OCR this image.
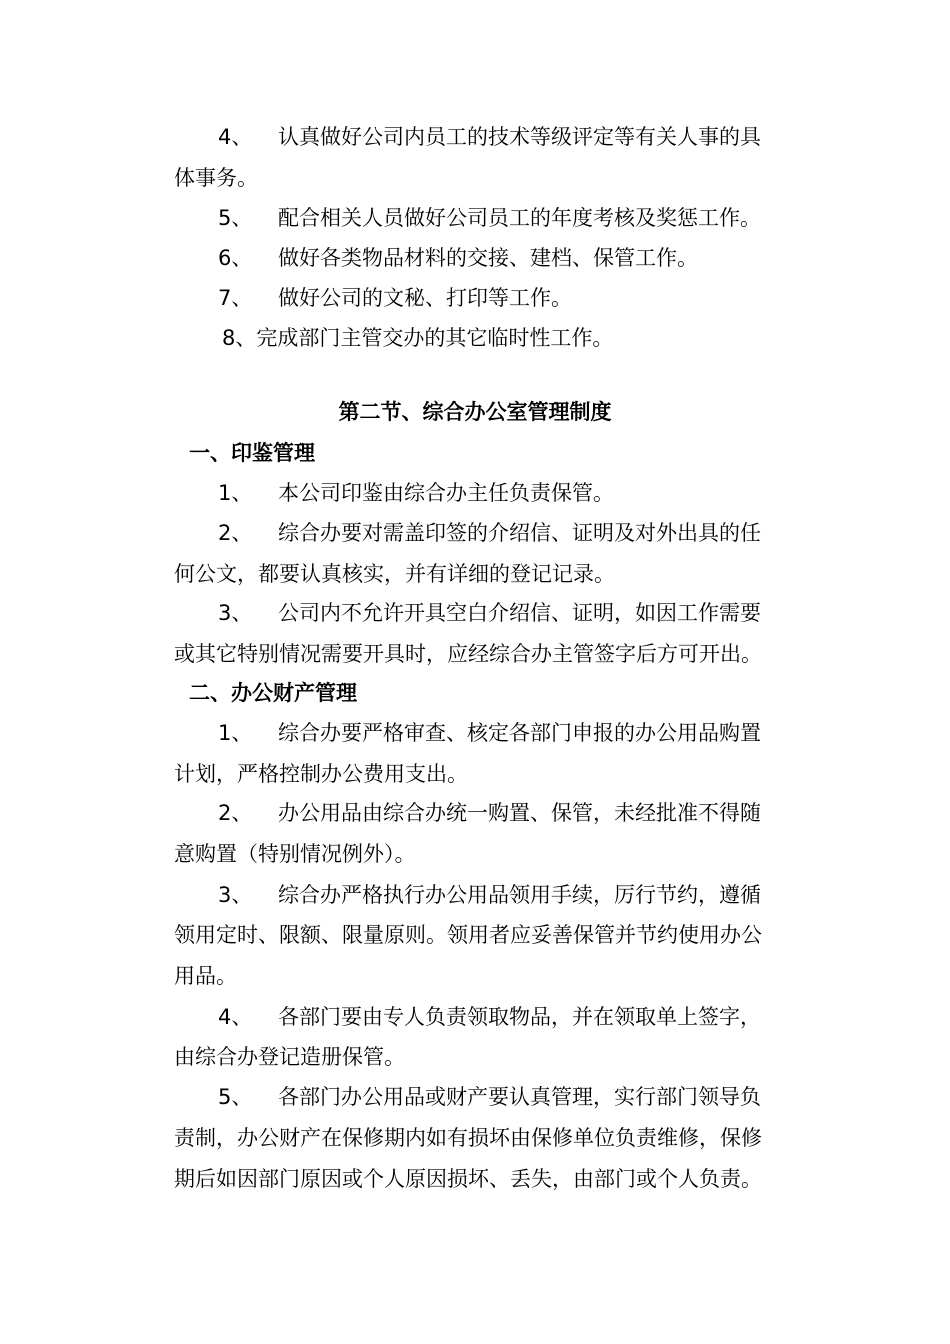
4、 认真做好公司内员工的技术等级评定等有关人事的具
体事务。
5、 配合相关人员做好公司员工的年度考核及奖惩工作。
6、 做好各类物品材料的交接、建档、保管工作。
7、 做好公司的文秘、打印等工作。
8、完成部门主管交办的其它临时性工作。
第二节、综合办公室管理制度
一、印鉴管理
1、 本公司印鉴由综合办主任负责保管。
2、 综合办要对需盖印签的介绍信、证明及对外出具的任
何公文，都要认真核实，并有详细的登记记录。
3、 公司内不允许开具空白介绍信、证明，如因工作需要
或其它特别情况需要开具时，应经综合办主管签字后方可开出。
二、办公财产管理
1、 综合办要严格审查、核定各部门申报的办公用品购置
计划，严格控制办公费用支出。
2、 办公用品由综合办统一购置、保管，未经批准不得随
意购置（特别情况例外）。
3、 综合办严格执行办公用品领用手续，厉行节约，遵循
领用定时、限额、限量原则。领用者应妥善保管并节约使用办公
用品。
4、 各部门要由专人负责领取物品，并在领取单上签字，
由综合办登记造册保管。
5、 各部门办公用品或财产要认真管理，实行部门领导负
责制，办公财产在保修期内如有损坏由保修单位负责维修，保修
期后如因部门原因或个人原因损坏、丢失，由部门或个人负责。
